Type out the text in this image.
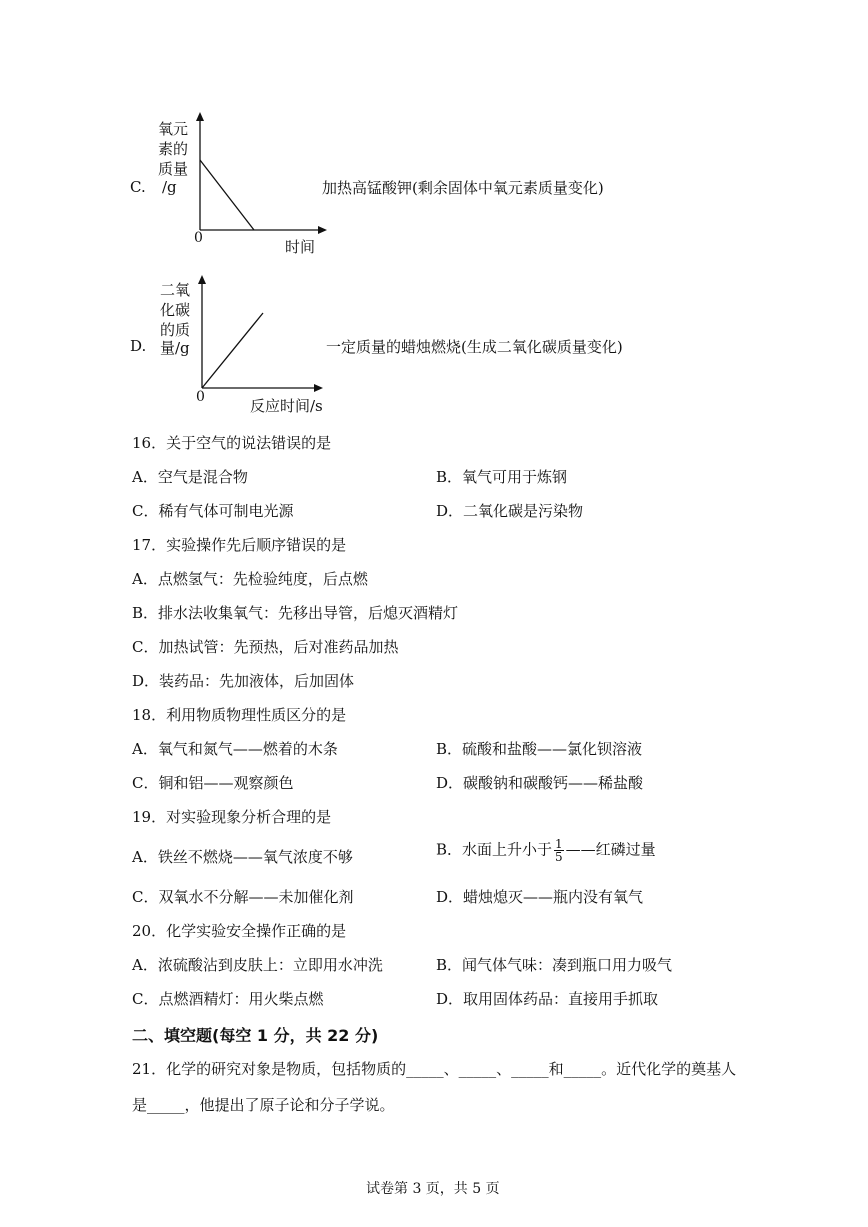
C.
氧元
素的
质量
/g
0	时间
加热高锰酸钾(剩余固体中氧元素质量变化)
D.
二氧
化碳
的质
量/g
0	反应时间/s
一定质量的蜡烛燃烧(生成二氧化碳质量变化)
16．关于空气的说法错误的是
A．空气是混合物	B．氧气可用于炼钢
C．稀有气体可制电光源	D．二氧化碳是污染物
17．实验操作先后顺序错误的是
A．点燃氢气：先检验纯度，后点燃
B．排水法收集氧气：先移出导管，后熄灭酒精灯
C．加热试管：先预热，后对准药品加热
D．装药品：先加液体，后加固体
18．利用物质物理性质区分的是
A．氧气和氮气——燃着的木条	B．硫酸和盐酸——氯化钡溶液
C．铜和铝——观察颜色	D．碳酸钠和碳酸钙——稀盐酸
19．对实验现象分析合理的是
A．铁丝不燃烧——氧气浓度不够	B．水面上升小于 $\frac{1}{5}$ ——红磷过量
C．双氧水不分解——未加催化剂	D．蜡烛熄灭——瓶内没有氧气
20．化学实验安全操作正确的是
A．浓硫酸沾到皮肤上：立即用水冲洗	B．闻气体气味：凑到瓶口用力吸气
C．点燃酒精灯：用火柴点燃	D．取用固体药品：直接用手抓取
二、填空题(每空 1 分，共 22 分)
21．化学的研究对象是物质，包括物质的_____、_____、_____和_____。近代化学的奠基人
是_____，他提出了原子论和分子学说。
试卷第 3 页，共 5 页
